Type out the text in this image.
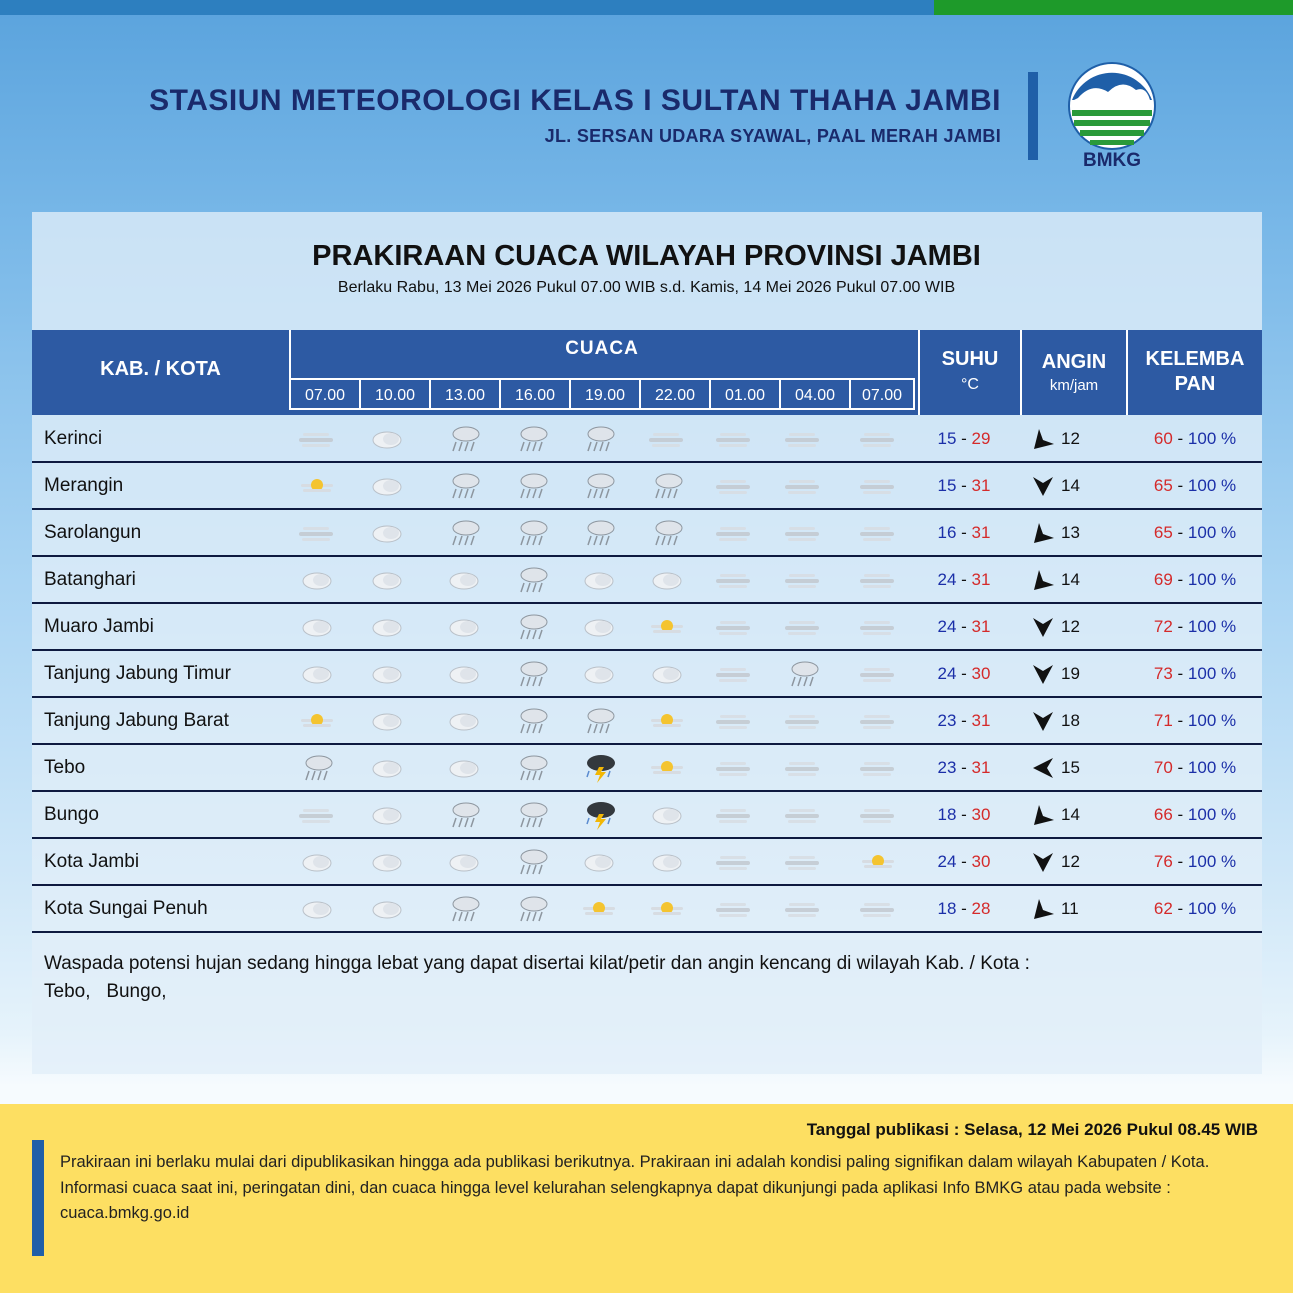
STASIUN METEOROLOGI KELAS I SULTAN THAHA JAMBI
JL. SERSAN UDARA SYAWAL, PAAL MERAH JAMBI
BMKG
PRAKIRAAN CUACA WILAYAH PROVINSI JAMBI
Berlaku Rabu, 13 Mei 2026 Pukul 07.00 WIB s.d. Kamis, 14 Mei 2026 Pukul 07.00 WIB
KAB. / KOTA
CUACA
07.00	10.00	13.00	16.00	19.00	22.00	01.00	04.00	07.00
SUHU
°C
ANGIN
km/jam
KELEMBA
PAN
Kerinci	15 - 29	12	60 - 100 %
Merangin	15 - 31	14	65 - 100 %
Sarolangun	16 - 31	13	65 - 100 %
Batanghari	24 - 31	14	69 - 100 %
Muaro Jambi	24 - 31	12	72 - 100 %
Tanjung Jabung Timur	24 - 30	19	73 - 100 %
Tanjung Jabung Barat	23 - 31	18	71 - 100 %
Tebo	23 - 31	15	70 - 100 %
Bungo	18 - 30	14	66 - 100 %
Kota Jambi	24 - 30	12	76 - 100 %
Kota Sungai Penuh	18 - 28	11	62 - 100 %
Waspada potensi hujan sedang hingga lebat yang dapat disertai kilat/petir dan angin kencang di wilayah Kab. / Kota :
Tebo,   Bungo,
Tanggal publikasi : Selasa, 12 Mei 2026 Pukul 08.45 WIB
Prakiraan ini berlaku mulai dari dipublikasikan hingga ada publikasi berikutnya. Prakiraan ini adalah kondisi paling signifikan dalam wilayah Kabupaten / Kota. Informasi cuaca saat ini, peringatan dini, dan cuaca hingga level kelurahan selengkapnya dapat dikunjungi pada aplikasi Info BMKG atau pada website : cuaca.bmkg.go.id
